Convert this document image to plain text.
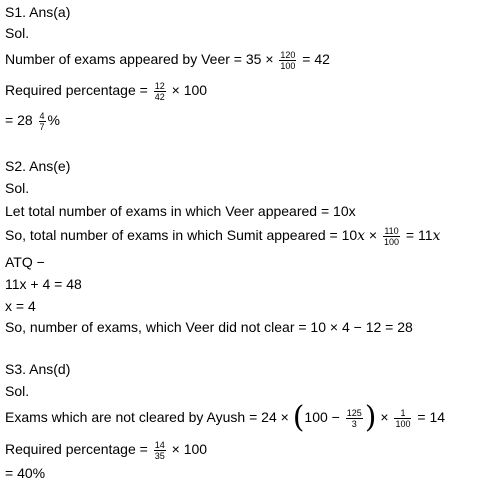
S1. Ans(a)
Sol.
Number of exams appeared by Veer = $35 \times \frac{120}{100} = 42$
Required percentage = $\frac{12}{42} \times 100$
= $28 \frac{4}{7}$ %
S2. Ans(e)
Sol.
Let total number of exams in which Veer appeared = 10x
So, total number of exams in which Sumit appeared = $10x \times \frac{110}{100} = 11x$
ATQ −
11x + 4 = 48
x = 4
So, number of exams, which Veer did not clear = 10 × 4 − 12 = 28
S3. Ans(d)
Sol.
Exams which are not cleared by Ayush = $24 \times (100 - \frac{125}{3}$ ) × $\frac{1}{100} = 14$
Required percentage = $\frac{14}{35} \times 100$
= 40%
